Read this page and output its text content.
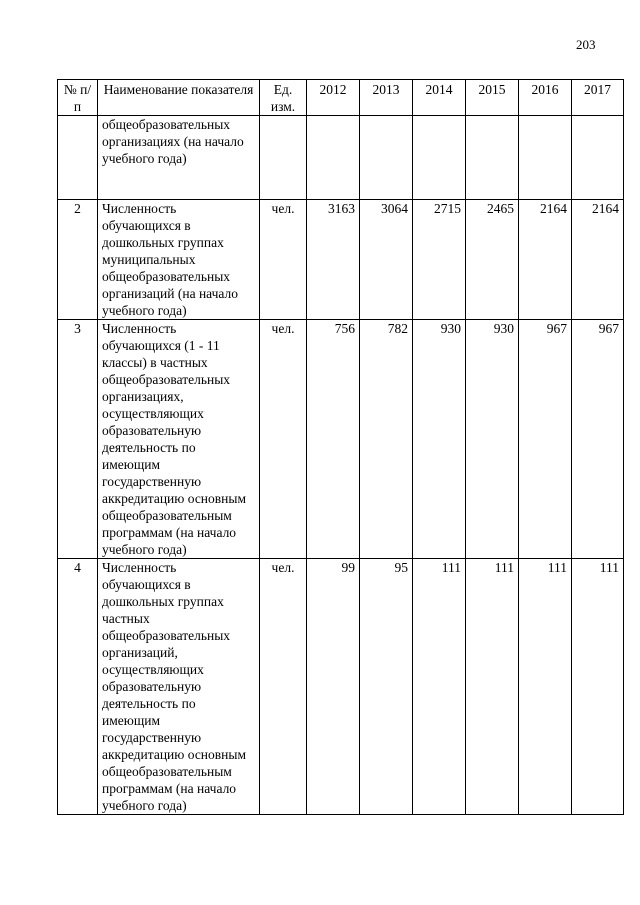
203
№ п/п	Наименование показателя	Ед. изм.	2012	2013	2014	2015	2016	2017
	общеобразовательных организациях (на начало учебного года)							
2	Численность обучающихся в дошкольных группах муниципальных общеобразовательных организаций (на начало учебного года)	чел.	3163	3064	2715	2465	2164	2164
3	Численность обучающихся (1 - 11 классы) в частных общеобразовательных организациях, осуществляющих образовательную деятельность по имеющим государственную аккредитацию основным общеобразовательным программам (на начало учебного года)	чел.	756	782	930	930	967	967
4	Численность обучающихся в дошкольных группах частных общеобразовательных организаций, осуществляющих образовательную деятельность по имеющим государственную аккредитацию основным общеобразовательным программам (на начало учебного года)	чел.	99	95	111	111	111	111
